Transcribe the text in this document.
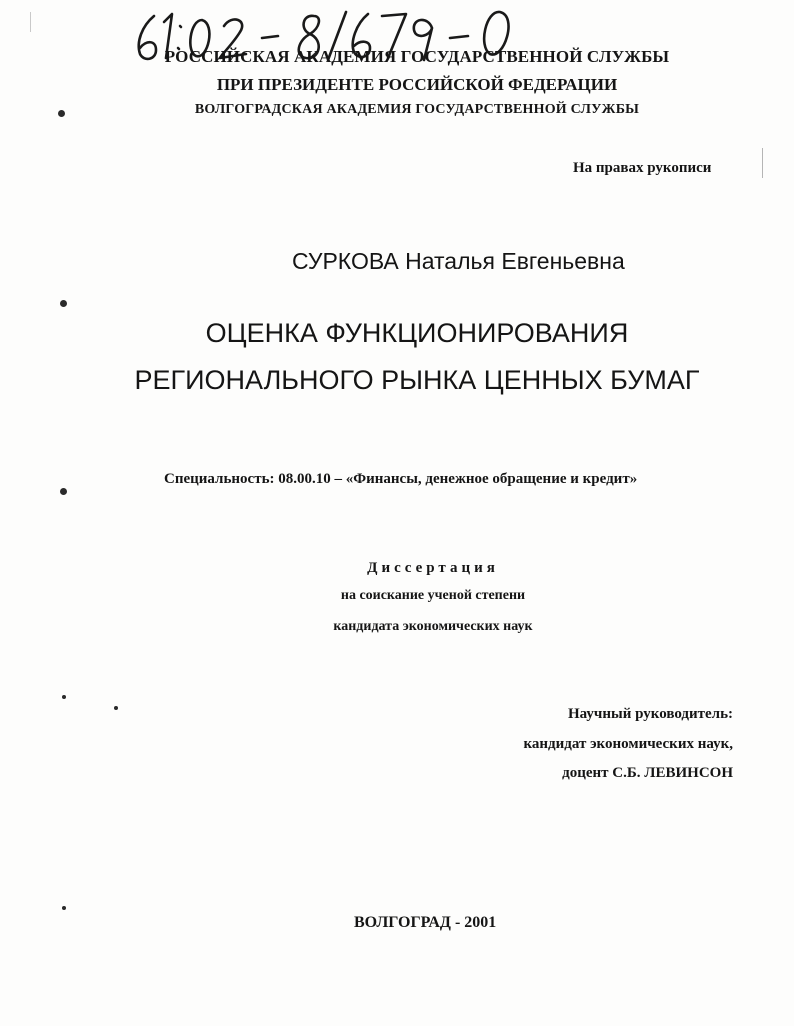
РОССИЙСКАЯ АКАДЕМИЯ ГОСУДАРСТВЕННОЙ СЛУЖБЫ
ПРИ ПРЕЗИДЕНТЕ РОССИЙСКОЙ ФЕДЕРАЦИИ
ВОЛГОГРАДСКАЯ АКАДЕМИЯ ГОСУДАРСТВЕННОЙ СЛУЖБЫ
На правах рукописи
СУРКОВА Наталья Евгеньевна
ОЦЕНКА ФУНКЦИОНИРОВАНИЯ
РЕГИОНАЛЬНОГО РЫНКА ЦЕННЫХ БУМАГ
Специальность: 08.00.10 – «Финансы, денежное обращение и кредит»
Диссертация
на соискание ученой степени
кандидата экономических наук
Научный руководитель:
кандидат экономических наук,
доцент С.Б. ЛЕВИНСОН
ВОЛГОГРАД - 2001
